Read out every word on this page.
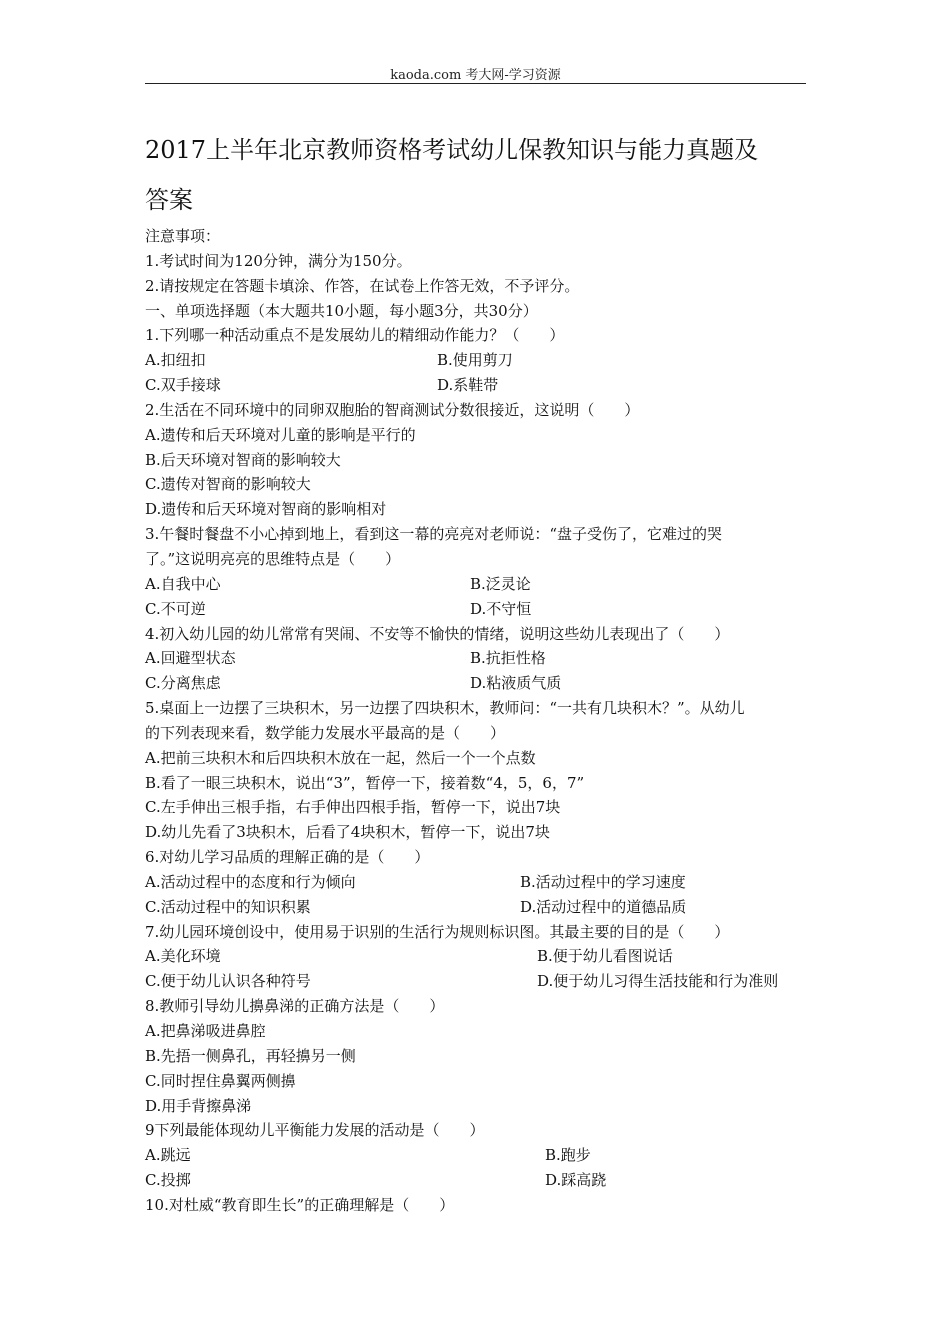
kaoda.com 考大网-学习资源
2017上半年北京教师资格考试幼儿保教知识与能力真题及
答案
注意事项：
1.考试时间为120分钟，满分为150分。
2.请按规定在答题卡填涂、作答，在试卷上作答无效，不予评分。
一、单项选择题（本大题共10小题，每小题3分，共30分）
1.下列哪一种活动重点不是发展幼儿的精细动作能力？（　　）
A.扣纽扣	B.使用剪刀
C.双手接球	D.系鞋带
2.生活在不同环境中的同卵双胞胎的智商测试分数很接近，这说明（　　）
A.遗传和后天环境对儿童的影响是平行的
B.后天环境对智商的影响较大
C.遗传对智商的影响较大
D.遗传和后天环境对智商的影响相对
3.午餐时餐盘不小心掉到地上，看到这一幕的亮亮对老师说：“盘子受伤了，它难过的哭
了。”这说明亮亮的思维特点是（　　）
A.自我中心	B.泛灵论
C.不可逆	D.不守恒
4.初入幼儿园的幼儿常常有哭闹、不安等不愉快的情绪，说明这些幼儿表现出了（　　）
A.回避型状态	B.抗拒性格
C.分离焦虑	D.粘液质气质
5.桌面上一边摆了三块积木，另一边摆了四块积木，教师问：“一共有几块积木？”。从幼儿
的下列表现来看，数学能力发展水平最高的是（　　）
A.把前三块积木和后四块积木放在一起，然后一个一个点数
B.看了一眼三块积木，说出“3”，暂停一下，接着数“4，5，6，7”
C.左手伸出三根手指，右手伸出四根手指，暂停一下，说出7块
D.幼儿先看了3块积木，后看了4块积木，暂停一下，说出7块
6.对幼儿学习品质的理解正确的是（　　）
A.活动过程中的态度和行为倾向	B.活动过程中的学习速度
C.活动过程中的知识积累	D.活动过程中的道德品质
7.幼儿园环境创设中，使用易于识别的生活行为规则标识图。其最主要的目的是（　　）
A.美化环境	B.便于幼儿看图说话
C.便于幼儿认识各种符号	D.便于幼儿习得生活技能和行为准则
8.教师引导幼儿擤鼻涕的正确方法是（　　）
A.把鼻涕吸进鼻腔
B.先捂一侧鼻孔，再轻擤另一侧
C.同时捏住鼻翼两侧擤
D.用手背擦鼻涕
9下列最能体现幼儿平衡能力发展的活动是（　　）
A.跳远	B.跑步
C.投掷	D.踩高跷
10.对杜威“教育即生长”的正确理解是（　　）
